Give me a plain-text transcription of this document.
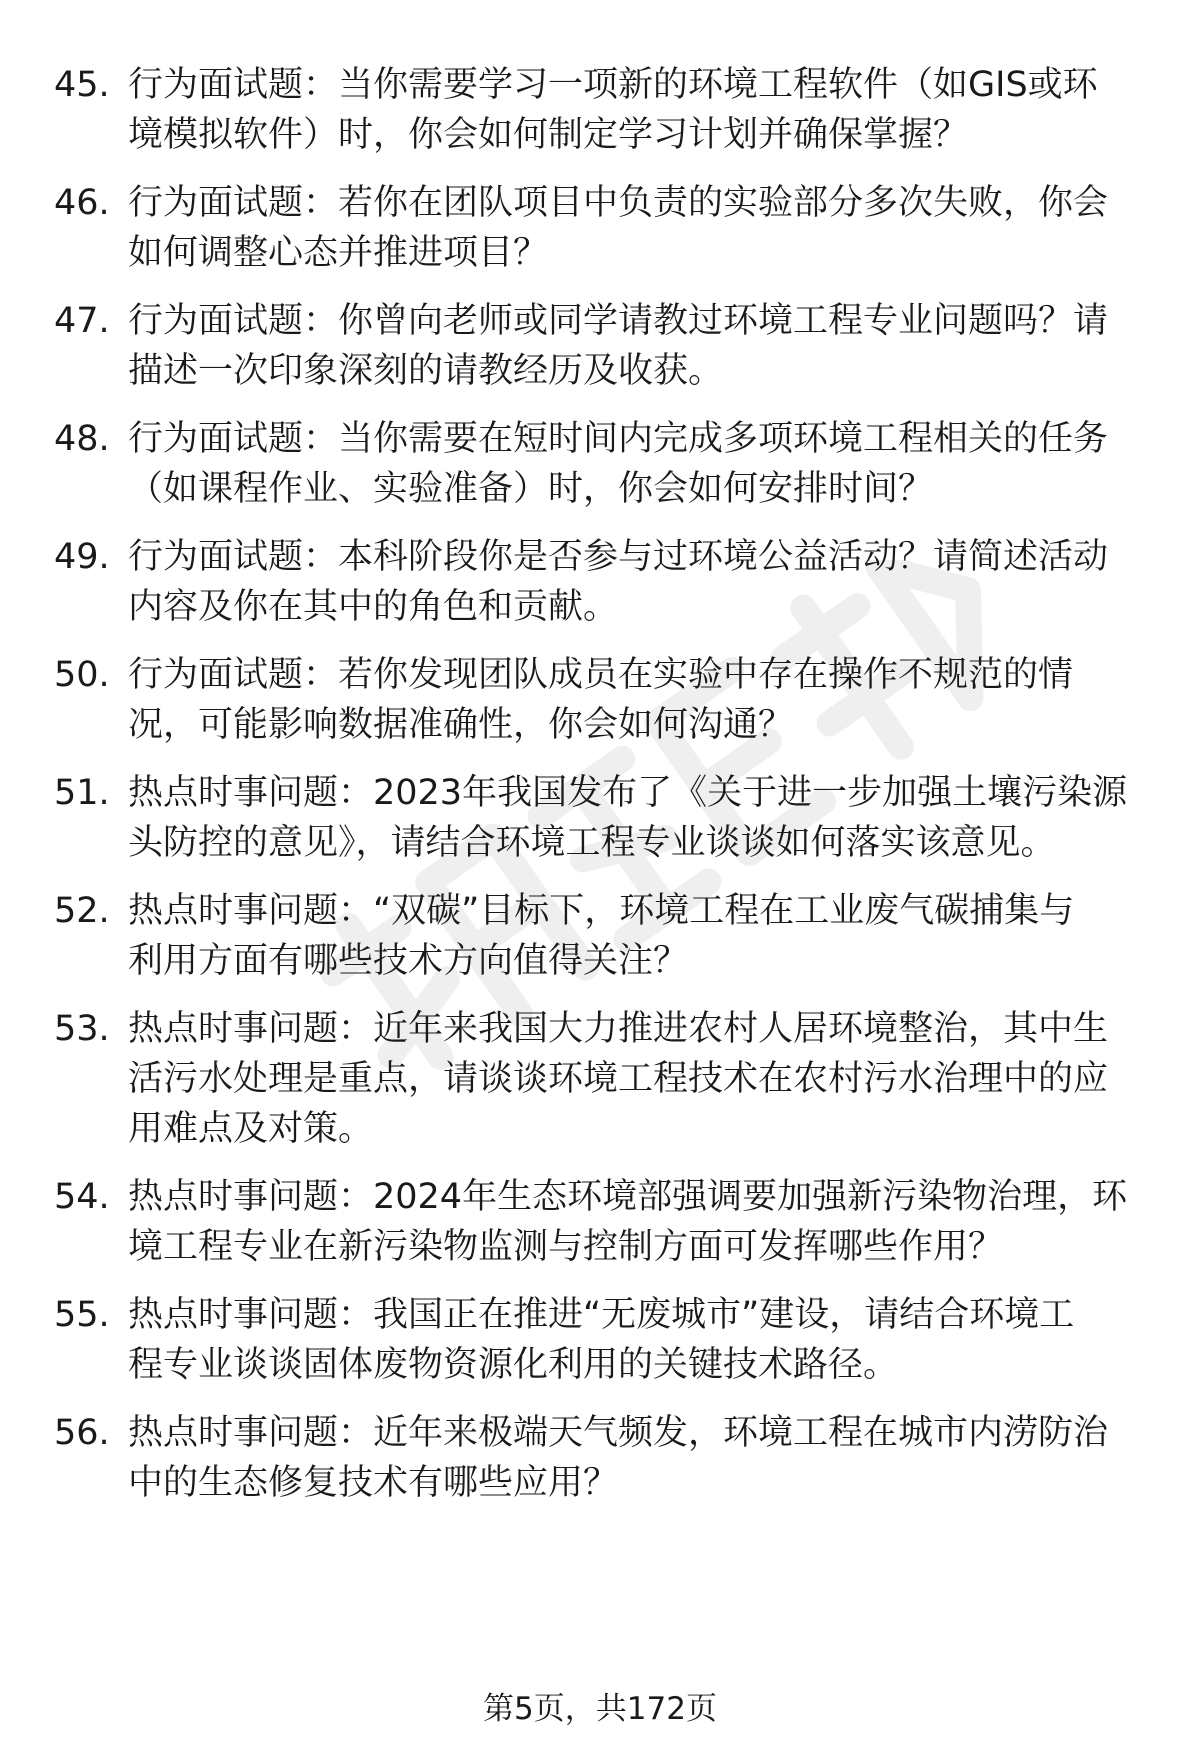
45. 行为面试题：当你需要学习一项新的环境工程软件（如GIS或环
境模拟软件）时，你会如何制定学习计划并确保掌握？
46. 行为面试题：若你在团队项目中负责的实验部分多次失败，你会
如何调整心态并推进项目？
47. 行为面试题：你曾向老师或同学请教过环境工程专业问题吗？请
描述一次印象深刻的请教经历及收获。
48. 行为面试题：当你需要在短时间内完成多项环境工程相关的任务
（如课程作业、实验准备）时，你会如何安排时间？
49. 行为面试题：本科阶段你是否参与过环境公益活动？请简述活动
内容及你在其中的角色和贡献。
50. 行为面试题：若你发现团队成员在实验中存在操作不规范的情
况，可能影响数据准确性，你会如何沟通？
51. 热点时事问题：2023年我国发布了《关于进一步加强土壤污染源
头防控的意见》，请结合环境工程专业谈谈如何落实该意见。
52. 热点时事问题：“双碳”目标下，环境工程在工业废气碳捕集与
利用方面有哪些技术方向值得关注？
53. 热点时事问题：近年来我国大力推进农村人居环境整治，其中生
活污水处理是重点，请谈谈环境工程技术在农村污水治理中的应
用难点及对策。
54. 热点时事问题：2024年生态环境部强调要加强新污染物治理，环
境工程专业在新污染物监测与控制方面可发挥哪些作用？
55. 热点时事问题：我国正在推进“无废城市”建设，请结合环境工
程专业谈谈固体废物资源化利用的关键技术路径。
56. 热点时事问题：近年来极端天气频发，环境工程在城市内涝防治
中的生态修复技术有哪些应用？
第5页，共172页
